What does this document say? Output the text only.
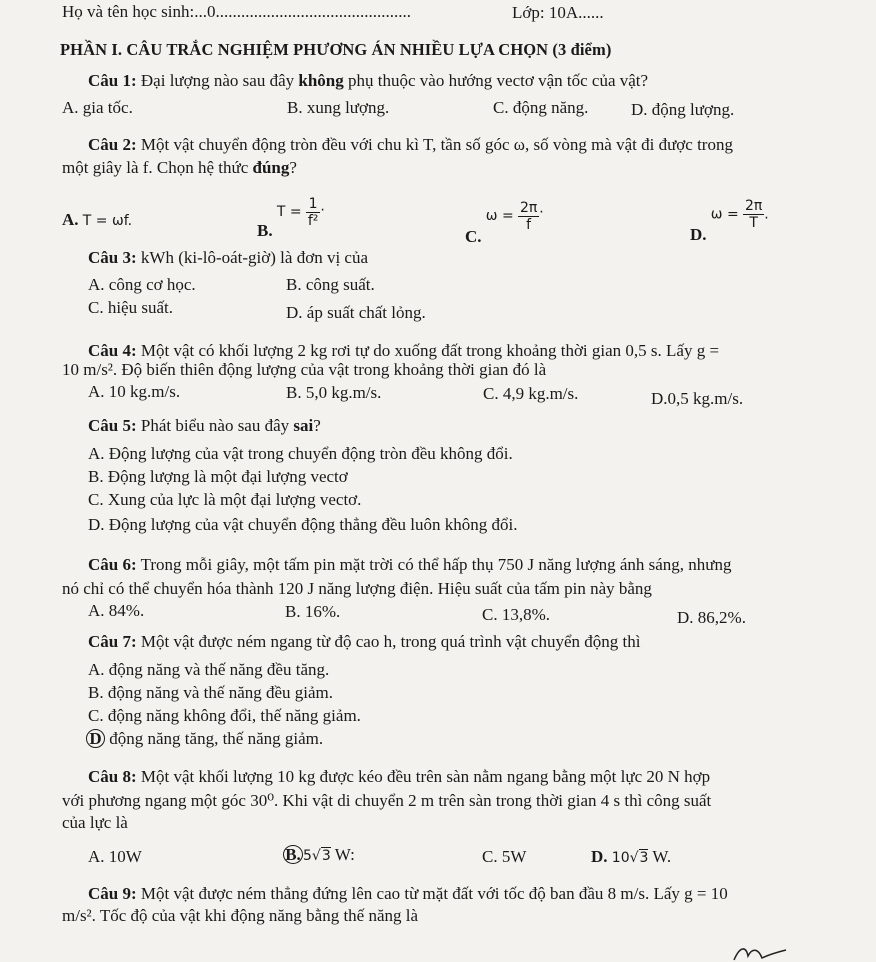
Họ và tên học sinh:...0..............................................	Lớp: 10A......
PHẦN I. CÂU TRẮC NGHIỆM PHƯƠNG ÁN NHIỀU LỰA CHỌN (3 điểm)
Câu 1: Đại lượng nào sau đây không phụ thuộc vào hướng vectơ vận tốc của vật?
A. gia tốc.	B. xung lượng.	C. động năng.	D. động lượng.
Câu 2: Một vật chuyển động tròn đều với chu kì T, tần số góc ω, số vòng mà vật đi được trong
một giây là f. Chọn hệ thức đúng?
A. T = ωf.
B. $_{T =} \frac{1}{\text{f²}}$ .
C. $_{\omega =} \frac{2\pi}{f}$ .
D. $\omega = \frac{2\pi}{T}$ .
Câu 3: kWh (ki-lô-oát-giờ) là đơn vị của
A. công cơ học.	B. công suất.
C. hiệu suất.	D. áp suất chất lỏng.
Câu 4: Một vật có khối lượng 2 kg rơi tự do xuống đất trong khoảng thời gian 0,5 s. Lấy g =
10 m/s². Độ biến thiên động lượng của vật trong khoảng thời gian đó là
A. 10 kg.m/s.	B. 5,0 kg.m/s.	C. 4,9 kg.m/s.	D.0,5 kg.m/s.
Câu 5: Phát biểu nào sau đây sai?
A. Động lượng của vật trong chuyển động tròn đều không đổi.
B. Động lượng là một đại lượng vectơ
C. Xung của lực là một đại lượng vectơ.
D. Động lượng của vật chuyển động thẳng đều luôn không đổi.
Câu 6: Trong mỗi giây, một tấm pin mặt trời có thể hấp thụ 750 J năng lượng ánh sáng, nhưng
nó chỉ có thể chuyển hóa thành 120 J năng lượng điện. Hiệu suất của tấm pin này bằng
A. 84%.	B. 16%.	C. 13,8%.	D. 86,2%.
Câu 7: Một vật được ném ngang từ độ cao h, trong quá trình vật chuyển động thì
A. động năng và thế năng đều tăng.
B. động năng và thế năng đều giảm.
C. động năng không đổi, thế năng giảm.
D động năng tăng, thế năng giảm.
Câu 8: Một vật khối lượng 10 kg được kéo đều trên sàn nằm ngang bằng một lực 20 N hợp
với phương ngang một góc 30⁰. Khi vật di chuyển 2 m trên sàn trong thời gian 4 s thì công suất
của lực là
A. 10W	B. 5√3 W:	C. 5W	D. 10√3 W.
Câu 9: Một vật được ném thẳng đứng lên cao từ mặt đất với tốc độ ban đầu 8 m/s. Lấy g = 10
m/s². Tốc độ của vật khi động năng bằng thế năng là
